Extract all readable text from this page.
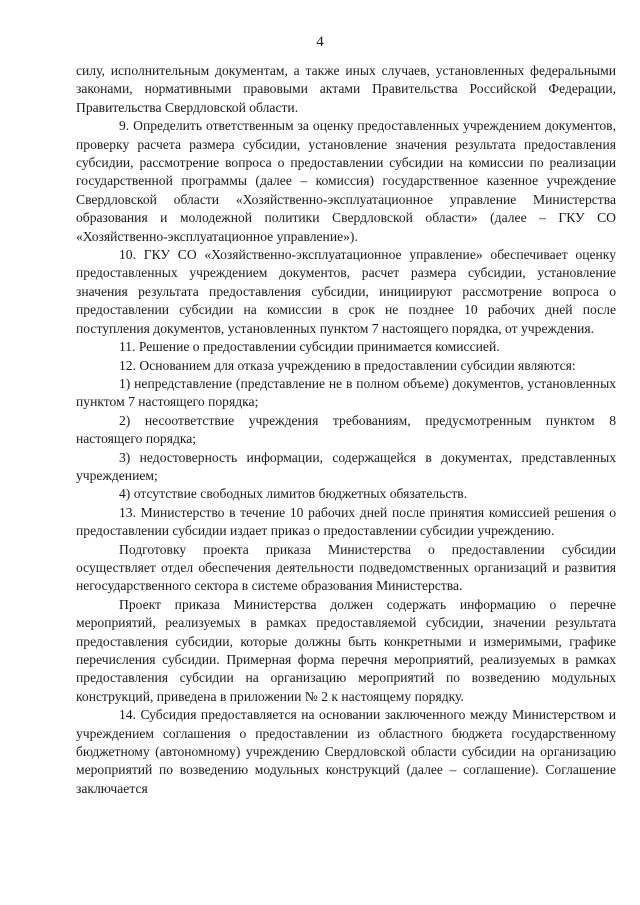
4

силу, исполнительным документам, а также иных случаев, установленных федеральными законами, нормативными правовыми актами Правительства Российской Федерации, Правительства Свердловской области.

9. Определить ответственным за оценку предоставленных учреждением документов, проверку расчета размера субсидии, установление значения результата предоставления субсидии, рассмотрение вопроса о предоставлении субсидии на комиссии по реализации государственной программы (далее – комиссия) государственное казенное учреждение Свердловской области «Хозяйственно-эксплуатационное управление Министерства образования и молодежной политики Свердловской области» (далее – ГКУ СО «Хозяйственно-эксплуатационное управление»).

10. ГКУ СО «Хозяйственно-эксплуатационное управление» обеспечивает оценку предоставленных учреждением документов, расчет размера субсидии, установление значения результата предоставления субсидии, инициируют рассмотрение вопроса о предоставлении субсидии на комиссии в срок не позднее 10 рабочих дней после поступления документов, установленных пунктом 7 настоящего порядка, от учреждения.

11. Решение о предоставлении субсидии принимается комиссией.

12. Основанием для отказа учреждению в предоставлении субсидии являются:

1) непредставление (представление не в полном объеме) документов, установленных пунктом 7 настоящего порядка;

2) несоответствие учреждения требованиям, предусмотренным пунктом 8 настоящего порядка;

3) недостоверность информации, содержащейся в документах, представленных учреждением;

4) отсутствие свободных лимитов бюджетных обязательств.

13. Министерство в течение 10 рабочих дней после принятия комиссией решения о предоставлении субсидии издает приказ о предоставлении субсидии учреждению.

Подготовку проекта приказа Министерства о предоставлении субсидии осуществляет отдел обеспечения деятельности подведомственных организаций и развития негосударственного сектора в системе образования Министерства.

Проект приказа Министерства должен содержать информацию о перечне мероприятий, реализуемых в рамках предоставляемой субсидии, значении результата предоставления субсидии, которые должны быть конкретными и измеримыми, графике перечисления субсидии. Примерная форма перечня мероприятий, реализуемых в рамках предоставления субсидии на организацию мероприятий по возведению модульных конструкций, приведена в приложении № 2 к настоящему порядку.

14. Субсидия предоставляется на основании заключенного между Министерством и учреждением соглашения о предоставлении из областного бюджета государственному бюджетному (автономному) учреждению Свердловской области субсидии на организацию мероприятий по возведению модульных конструкций (далее – соглашение). Соглашение заключается
